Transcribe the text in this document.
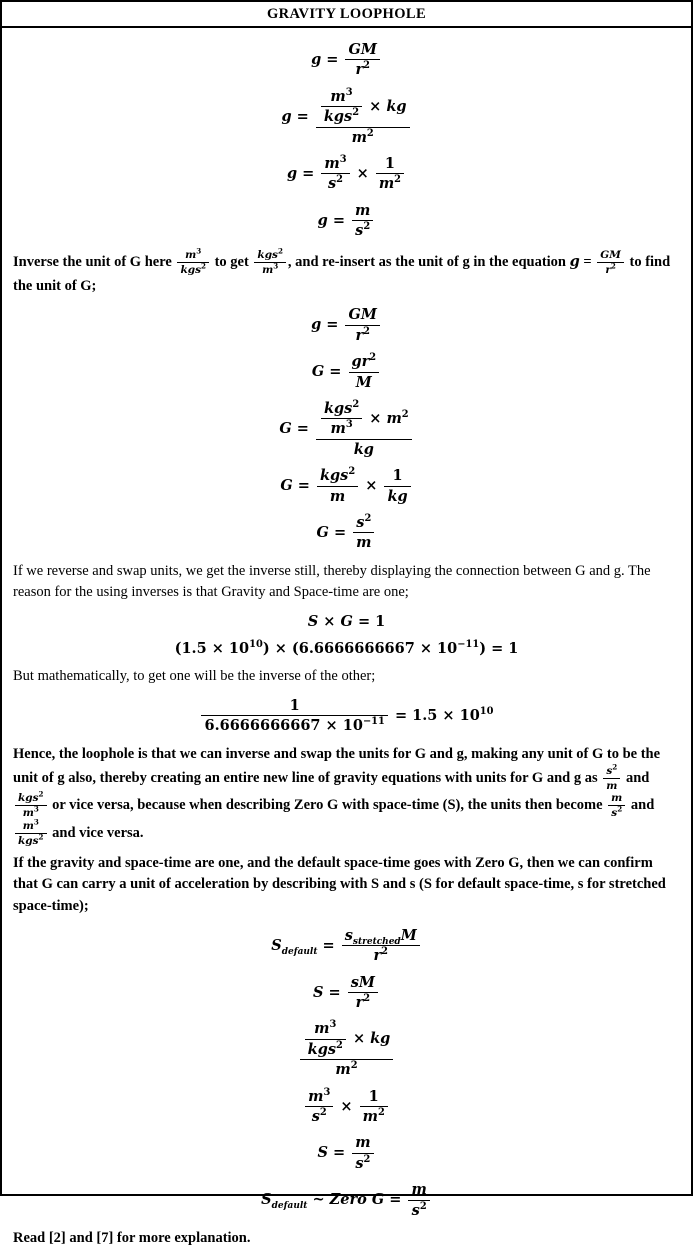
GRAVITY LOOPHOLE
$g = \frac{GM}{r^2}$
$g = \frac{\frac{m^3}{kgs^2} \times kg}{m^2}$
$g = \frac{m^3}{s^2} \times \frac{1}{m^2}$
$g = \frac{m}{s^2}$
Inverse the unit of G here $\frac{m^3}{kgs^2}$ to get $\frac{kgs^2}{m^3}$ , and re-insert as the unit of g in the equation $g = \frac{GM}{r^2}$ to find the unit of G;
$g = \frac{GM}{r^2}$
$G = \frac{gr^2}{M}$
$G = \frac{\frac{kgs^2}{m^3} \times m^2}{kg}$
$G = \frac{kgs^2}{m} \times \frac{1}{kg}$
$G = \frac{s^2}{m}$
If we reverse and swap units, we get the inverse still, thereby displaying the connection between G and g. The reason for the using inverses is that Gravity and Space-time are one;
S × G = 1
$(1.5 \times 10^{10}) \times (6.6666666667 \times 10^{-11}) = 1$
But mathematically, to get one will be the inverse of the other;
$\frac{1}{6.6666666667 \times 10^{-11}} = 1.5 \times 10^{10}$
Hence, the loophole is that we can inverse and swap the units for G and g, making any unit of G to be the unit of g also, thereby creating an entire new line of gravity equations with units for G and g as $\frac{s^2}{m}$ and
$\frac{kgs^2}{m^3}$ or vice versa, because when describing Zero G with space-time (S), the units then become $\frac{m}{s^2}$ and
$\frac{m^3}{kgs^2}$ and vice versa.
If the gravity and space-time are one, and the default space-time goes with Zero G, then we can confirm that G can carry a unit of acceleration by describing with S and s (S for default space-time, s for stretched space-time);
$S_{default} = \frac{s_{stretched}M}{r^2}$
$S = \frac{sM}{r^2}$
$\frac{\frac{m^3}{kgs^2} \times kg}{m^2}$
$\frac{m^3}{s^2} \times \frac{1}{m^2}$
$S = \frac{m}{s^2}$
$S_{default}$ ~ Zero $G = \frac{m}{s^2}$
Read [2] and [7] for more explanation.
